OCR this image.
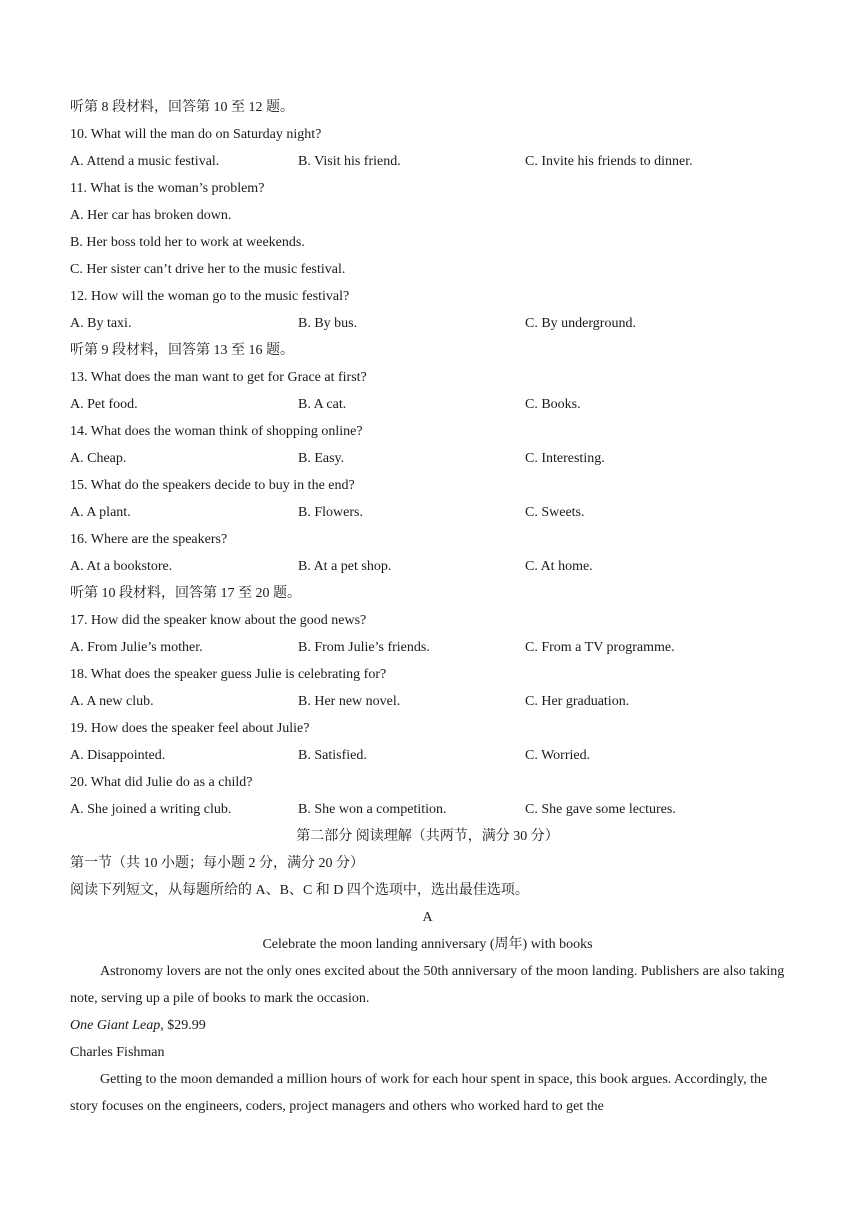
听第 8 段材料，回答第 10 至 12 题。
10. What will the man do on Saturday night?
A. Attend a music festival.	B. Visit his friend.	C. Invite his friends to dinner.
11. What is the woman’s problem?
A. Her car has broken down.
B. Her boss told her to work at weekends.
C. Her sister can’t drive her to the music festival.
12. How will the woman go to the music festival?
A. By taxi.	B. By bus.	C. By underground.
听第 9 段材料，回答第 13 至 16 题。
13. What does the man want to get for Grace at first?
A. Pet food.	B. A cat.	C. Books.
14. What does the woman think of shopping online?
A. Cheap.	B. Easy.	C. Interesting.
15. What do the speakers decide to buy in the end?
A. A plant.	B. Flowers.	C. Sweets.
16. Where are the speakers?
A. At a bookstore.	B. At a pet shop.	C. At home.
听第 10 段材料，回答第 17 至 20 题。
17. How did the speaker know about the good news?
A. From Julie’s mother.	B. From Julie’s friends.	C. From a TV programme.
18. What does the speaker guess Julie is celebrating for?
A. A new club.	B. Her new novel.	C. Her graduation.
19. How does the speaker feel about Julie?
A. Disappointed.	B. Satisfied.	C. Worried.
20. What did Julie do as a child?
A. She joined a writing club.	B. She won a competition.	C. She gave some lectures.
第二部分 阅读理解（共两节，满分 30 分）
第一节（共 10 小题；每小题 2 分，满分 20 分）
阅读下列短文，从每题所给的 A、B、C 和 D 四个选项中，选出最佳选项。
A
Celebrate the moon landing anniversary (周年) with books
Astronomy lovers are not the only ones excited about the 50th anniversary of the moon landing. Publishers are also taking note, serving up a pile of books to mark the occasion.
One Giant Leap, $29.99
Charles Fishman
Getting to the moon demanded a million hours of work for each hour spent in space, this book argues. Accordingly, the story focuses on the engineers, coders, project managers and others who worked hard to get the
